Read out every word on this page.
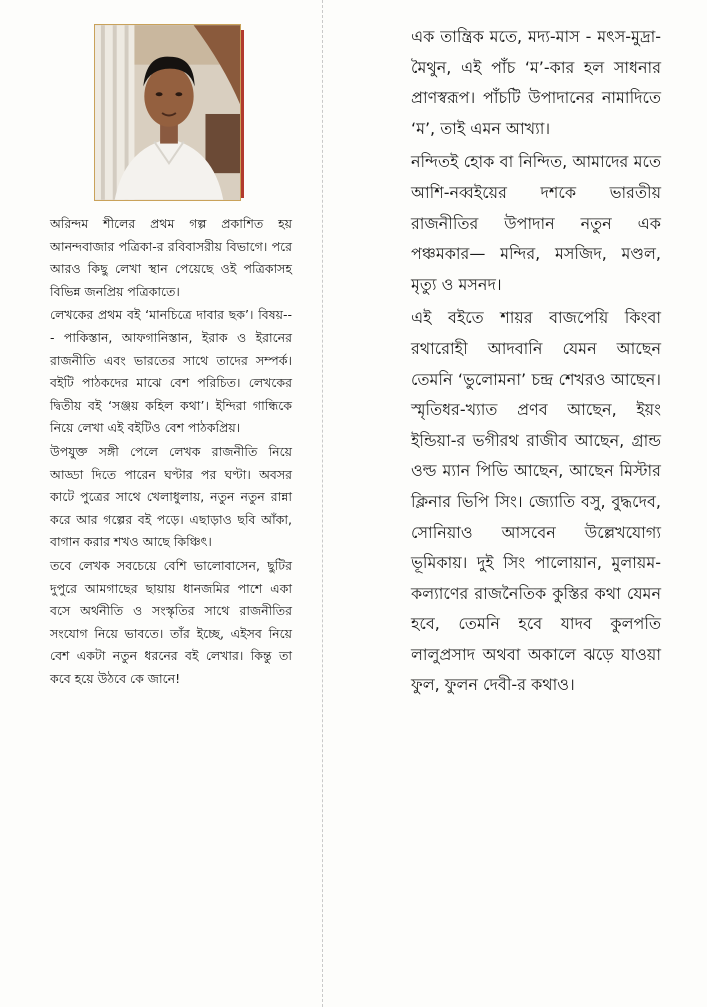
অরিন্দম শীলের প্রথম গল্প প্রকাশিত হয় আনন্দবাজার পত্রিকা-র রবিবাসরীয় বিভাগে। পরে আরও কিছু লেখা স্থান পেয়েছে ওই পত্রিকাসহ বিভিন্ন জনপ্রিয় পত্রিকাতে।

লেখকের প্রথম বই ‘মানচিত্রে দাবার ছক’। বিষয়--- পাকিস্তান, আফগানিস্তান, ইরাক ও ইরানের রাজনীতি এবং ভারতের সাথে তাদের সম্পর্ক। বইটি পাঠকদের মাঝে বেশ পরিচিত। লেখকের দ্বিতীয় বই ‘সঞ্জয় কহিল কথা’। ইন্দিরা গান্ধিকে নিয়ে লেখা এই বইটিও বেশ পাঠকপ্রিয়।

উপযুক্ত সঙ্গী পেলে লেখক রাজনীতি নিয়ে আড্ডা দিতে পারেন ঘণ্টার পর ঘণ্টা। অবসর কাটে পুত্রের সাথে খেলাধুলায়, নতুন নতুন রান্না করে আর গল্পের বই পড়ে। এছাড়াও ছবি আঁকা, বাগান করার শখও আছে কিঞ্চিৎ।

তবে লেখক সবচেয়ে বেশি ভালোবাসেন, ছুটির দুপুরে আমগাছের ছায়ায় ধানজমির পাশে একা বসে অর্থনীতি ও সংস্কৃতির সাথে রাজনীতির সংযোগ নিয়ে ভাবতে। তাঁর ইচ্ছে, এইসব নিয়ে বেশ একটা নতুন ধরনের বই লেখার। কিন্তু তা কবে হয়ে উঠবে কে জানে!

এক তান্ত্রিক মতে, মদ্য-মাস - মৎস-মুদ্রা-মৈথুন, এই পাঁচ ‘ম’-কার হল সাধনার প্রাণস্বরূপ। পাঁচটি উপাদানের নামাদিতে ‘ম’, তাই এমন আখ্যা।

নন্দিতই হোক বা নিন্দিত, আমাদের মতে আশি-নব্বইয়ের দশকে ভারতীয় রাজনীতির উপাদান নতুন এক পঞ্চমকার— মন্দির, মসজিদ, মণ্ডল, মৃত্যু ও মসনদ।

এই বইতে শায়র বাজপেয়ি কিংবা রথারোহী আদবানি যেমন আছেন তেমনি ‘ভুলোমনা’ চন্দ্র শেখরও আছেন। স্মৃতিধর-খ্যাত প্রণব আছেন, ইয়ং ইন্ডিয়া-র ভগীরথ রাজীব আছেন, গ্রান্ড ওল্ড ম্যান পিভি আছেন, আছেন মিস্টার ক্লিনার ভিপি সিং। জ্যোতি বসু, বুদ্ধদেব, সোনিয়াও আসবেন উল্লেখযোগ্য ভূমিকায়। দুই সিং পালোয়ান, মুলায়ম-কল্যাণের রাজনৈতিক কুস্তির কথা যেমন হবে, তেমনি হবে যাদব কুলপতি লালুপ্রসাদ অথবা অকালে ঝড়ে যাওয়া ফুল, ফুলন দেবী-র কথাও।
